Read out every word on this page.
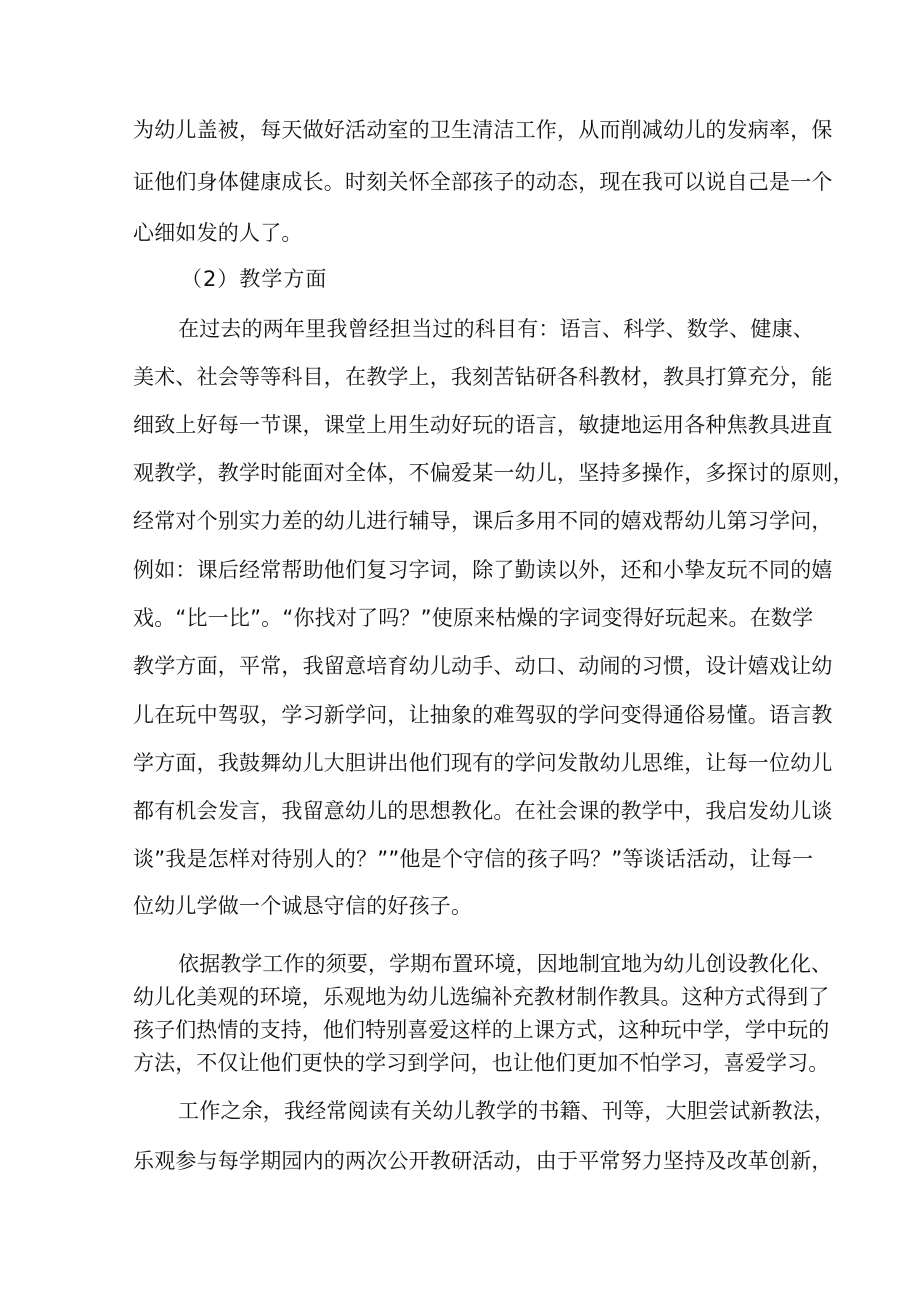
为幼儿盖被，每天做好活动室的卫生清洁工作，从而削减幼儿的发病率，保

证他们身体健康成长。时刻关怀全部孩子的动态，现在我可以说自己是一个

心细如发的人了。

（2）教学方面

在过去的两年里我曾经担当过的科目有：语言、科学、数学、健康、

美术、社会等等科目，在教学上，我刻苦钻研各科教材，教具打算充分，能

细致上好每一节课，课堂上用生动好玩的语言，敏捷地运用各种焦教具进直

观教学，教学时能面对全体，不偏爱某一幼儿，坚持多操作，多探讨的原则，

经常对个别实力差的幼儿进行辅导，课后多用不同的嬉戏帮幼儿第习学问，

例如：课后经常帮助他们复习字词，除了勤读以外，还和小挚友玩不同的嬉

戏。“比一比”。“你找对了吗？”使原来枯燥的字词变得好玩起来。在数学

教学方面，平常，我留意培育幼儿动手、动口、动闹的习惯，设计嬉戏让幼

儿在玩中驾驭，学习新学问，让抽象的难驾驭的学问变得通俗易懂。语言教

学方面，我鼓舞幼儿大胆讲出他们现有的学问发散幼儿思维，让每一位幼儿

都有机会发言，我留意幼儿的思想教化。在社会课的教学中，我启发幼儿谈

谈”我是怎样对待别人的？””他是个守信的孩子吗？”等谈话活动，让每一

位幼儿学做一个诚恳守信的好孩子。

依据教学工作的须要，学期布置环境，因地制宜地为幼儿创设教化化、

幼儿化美观的环境，乐观地为幼儿选编补充教材制作教具。这种方式得到了

孩子们热情的支持，他们特别喜爱这样的上课方式，这种玩中学，学中玩的

方法，不仅让他们更快的学习到学问，也让他们更加不怕学习，喜爱学习。

工作之余，我经常阅读有关幼儿教学的书籍、刊等，大胆尝试新教法，

乐观参与每学期园内的两次公开教研活动，由于平常努力坚持及改革创新，
